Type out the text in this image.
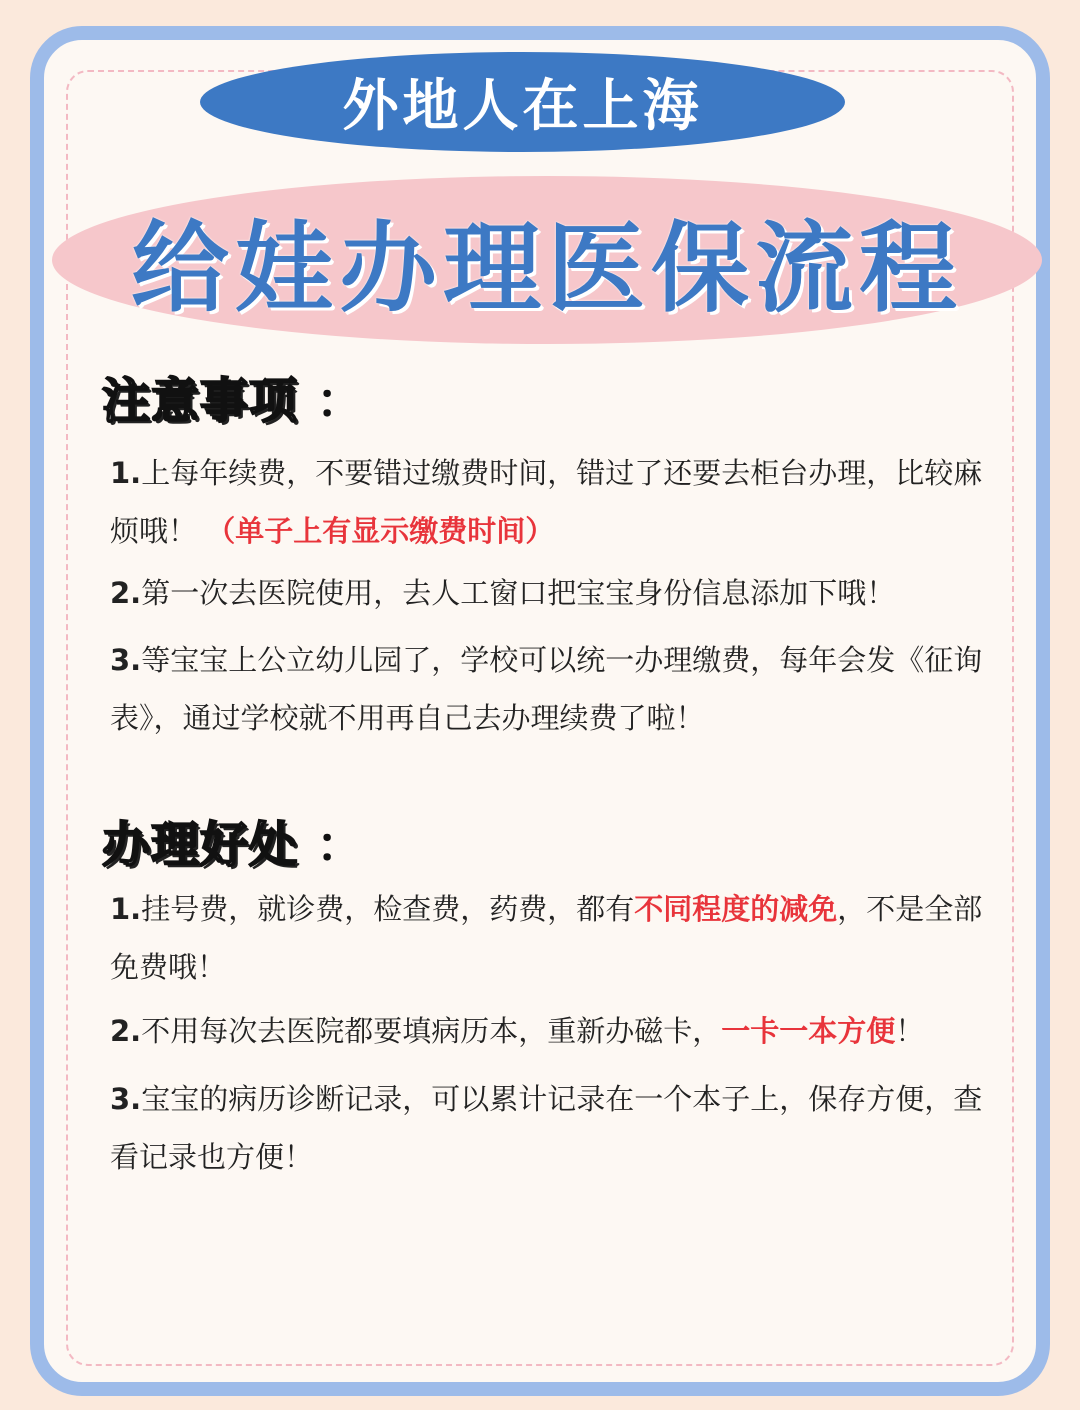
外地人在上海
给娃办理医保流程
注意事项 ：
1.上每年续费，不要错过缴费时间，错过了还要去柜台办理，比较麻烦哦！ （单子上有显示缴费时间）
2.第一次去医院使用，去人工窗口把宝宝身份信息添加下哦！
3.等宝宝上公立幼儿园了，学校可以统一办理缴费，每年会发《征询表》，通过学校就不用再自己去办理续费了啦！
办理好处 ：
1.挂号费，就诊费，检查费，药费，都有不同程度的减免，不是全部免费哦！
2.不用每次去医院都要填病历本，重新办磁卡，一卡一本方便！
3.宝宝的病历诊断记录，可以累计记录在一个本子上，保存方便，查看记录也方便！
